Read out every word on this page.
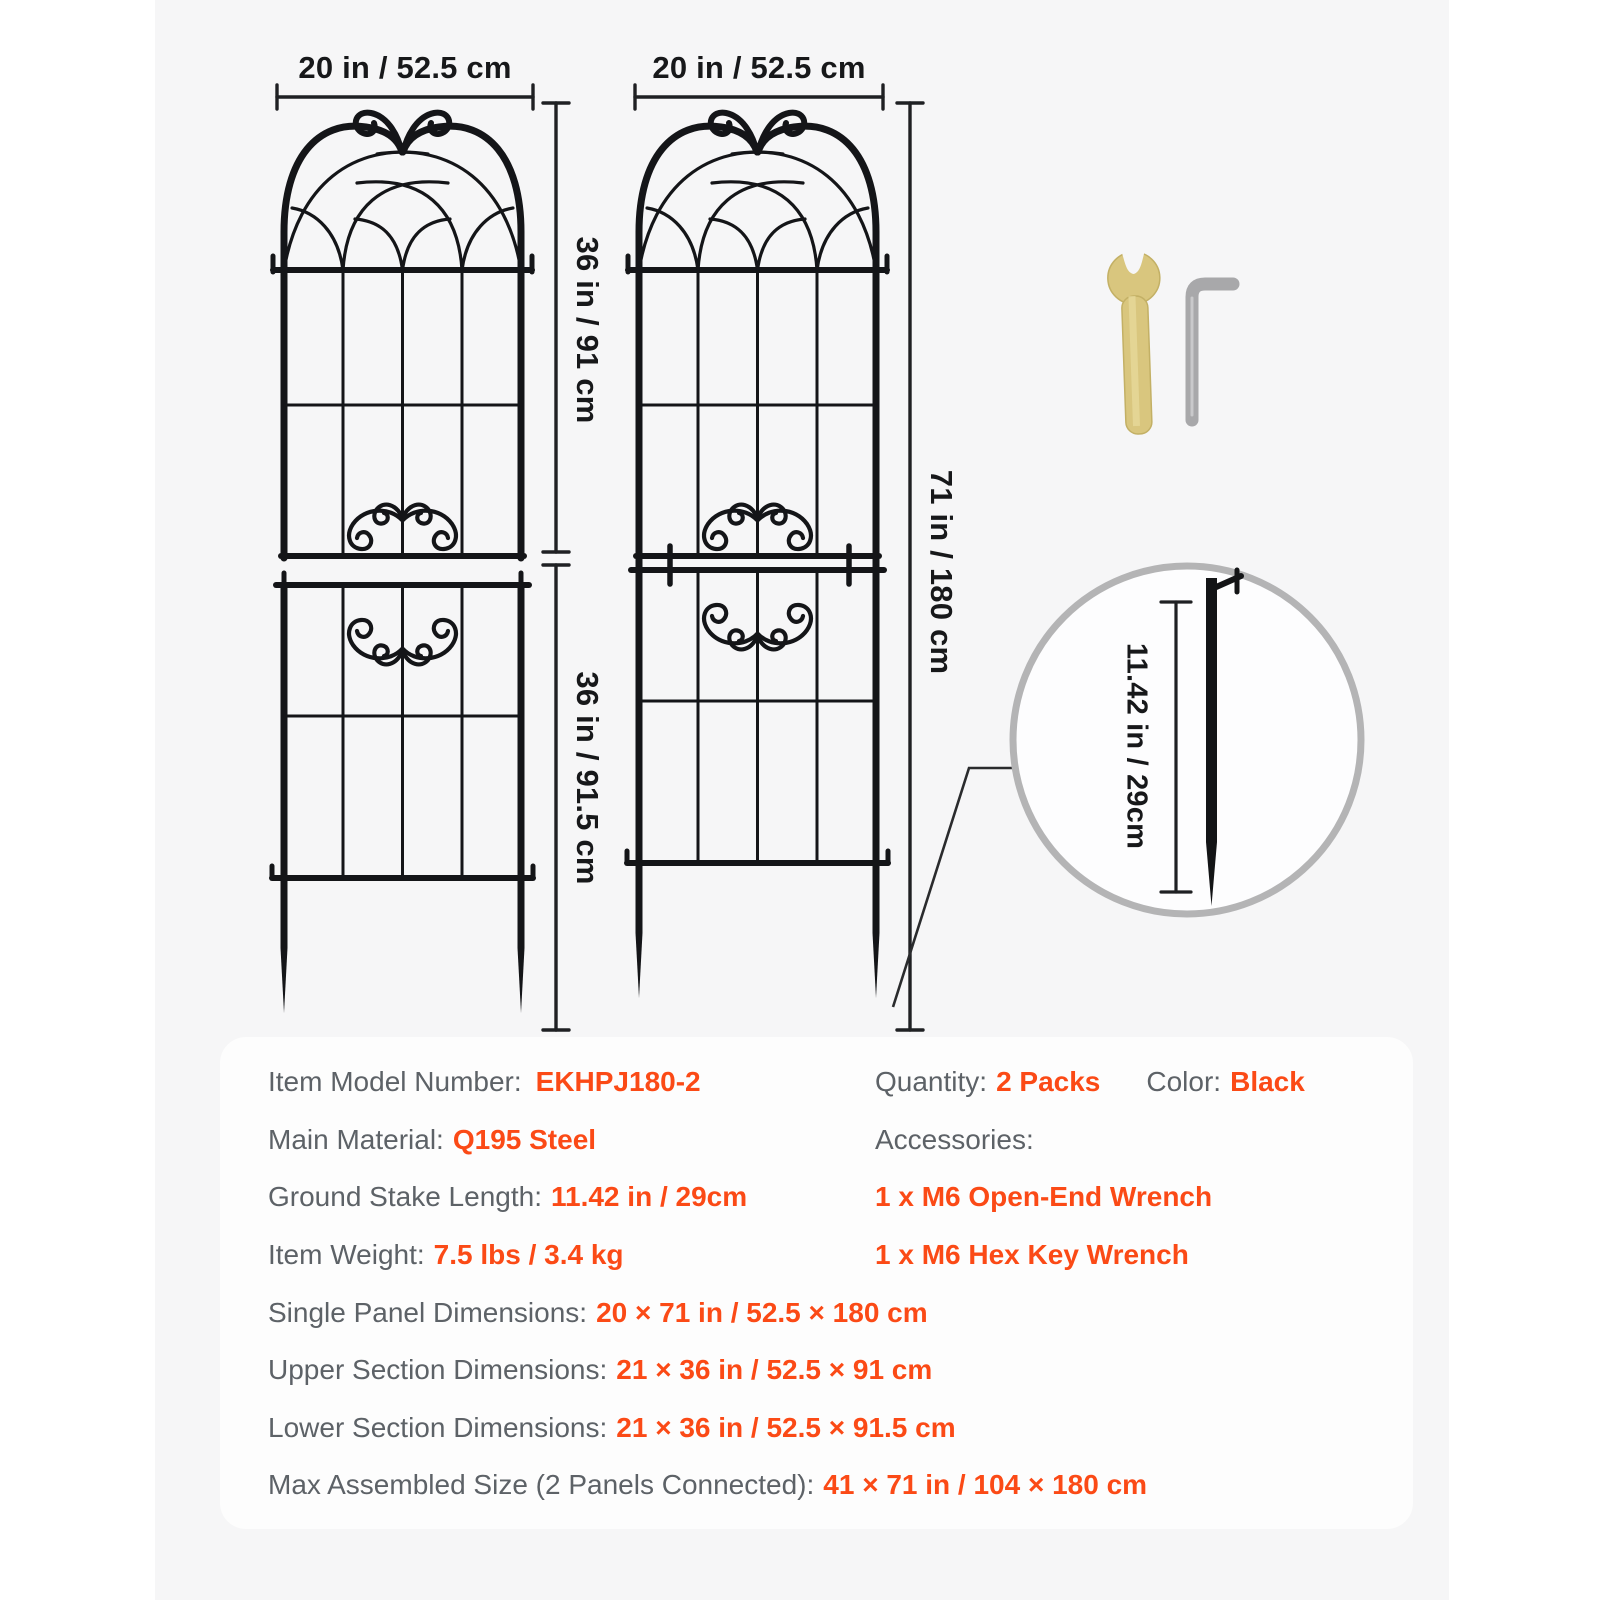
20 in / 52.5 cm	20 in / 52.5 cm
36 in / 91 cm
36 in / 91.5 cm
71 in / 180 cm
11.42 in / 29cm
Item Model Number: EKHPJ180-2
Main Material: Q195 Steel
Ground Stake Length: 11.42 in / 29cm
Item Weight: 7.5 lbs / 3.4 kg
Quantity: 2 Packs Color: Black
Accessories:
1 x M6 Open-End Wrench
1 x M6 Hex Key Wrench
Single Panel Dimensions: 20 × 71 in / 52.5 × 180 cm
Upper Section Dimensions: 21 × 36 in / 52.5 × 91 cm
Lower Section Dimensions: 21 × 36 in / 52.5 × 91.5 cm
Max Assembled Size (2 Panels Connected): 41 × 71 in / 104 × 180 cm
